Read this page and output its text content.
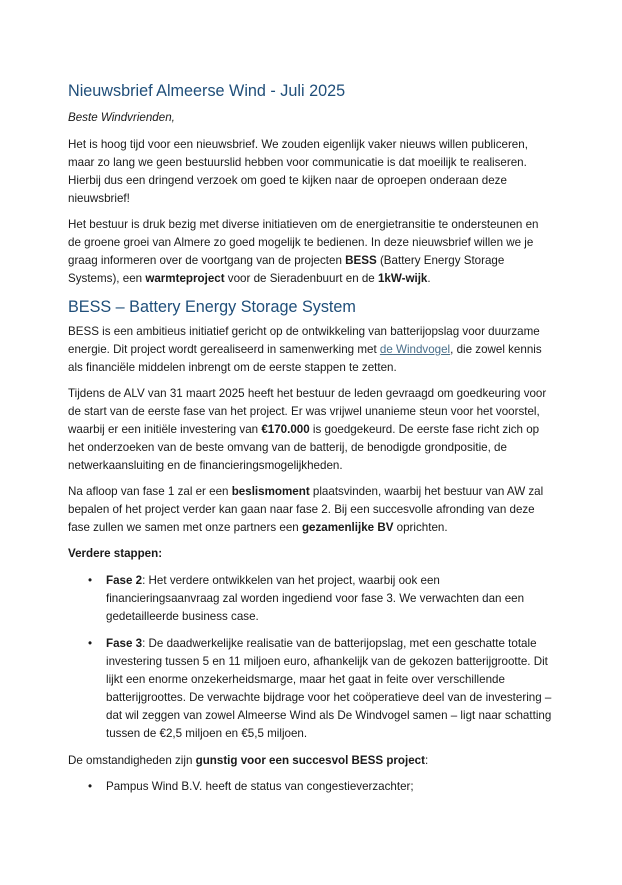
Nieuwsbrief Almeerse Wind - Juli 2025

Beste Windvrienden,

Het is hoog tijd voor een nieuwsbrief. We zouden eigenlijk vaker nieuws willen publiceren, maar zo lang we geen bestuurslid hebben voor communicatie is dat moeilijk te realiseren. Hierbij dus een dringend verzoek om goed te kijken naar de oproepen onderaan deze nieuwsbrief!

Het bestuur is druk bezig met diverse initiatieven om de energietransitie te ondersteunen en de groene groei van Almere zo goed mogelijk te bedienen. In deze nieuwsbrief willen we je graag informeren over de voortgang van de projecten BESS (Battery Energy Storage Systems), een warmteproject voor de Sieradenbuurt en de 1kW-wijk.

BESS – Battery Energy Storage System

BESS is een ambitieus initiatief gericht op de ontwikkeling van batterijopslag voor duurzame energie. Dit project wordt gerealiseerd in samenwerking met de Windvogel, die zowel kennis als financiële middelen inbrengt om de eerste stappen te zetten.

Tijdens de ALV van 31 maart 2025 heeft het bestuur de leden gevraagd om goedkeuring voor de start van de eerste fase van het project. Er was vrijwel unanieme steun voor het voorstel, waarbij er een initiële investering van €170.000 is goedgekeurd. De eerste fase richt zich op het onderzoeken van de beste omvang van de batterij, de benodigde grondpositie, de netwerkaansluiting en de financieringsmogelijkheden.

Na afloop van fase 1 zal er een beslismoment plaatsvinden, waarbij het bestuur van AW zal bepalen of het project verder kan gaan naar fase 2. Bij een succesvolle afronding van deze fase zullen we samen met onze partners een gezamenlijke BV oprichten.

Verdere stappen:

• Fase 2: Het verdere ontwikkelen van het project, waarbij ook een financieringsaanvraag zal worden ingediend voor fase 3. We verwachten dan een gedetailleerde business case.
• Fase 3: De daadwerkelijke realisatie van de batterijopslag, met een geschatte totale investering tussen 5 en 11 miljoen euro, afhankelijk van de gekozen batterijgrootte. Dit lijkt een enorme onzekerheidsmarge, maar het gaat in feite over verschillende batterijgroottes. De verwachte bijdrage voor het coöperatieve deel van de investering – dat wil zeggen van zowel Almeerse Wind als De Windvogel samen – ligt naar schatting tussen de €2,5 miljoen en €5,5 miljoen.

De omstandigheden zijn gunstig voor een succesvol BESS project:

• Pampus Wind B.V. heeft de status van congestieverzachter;
